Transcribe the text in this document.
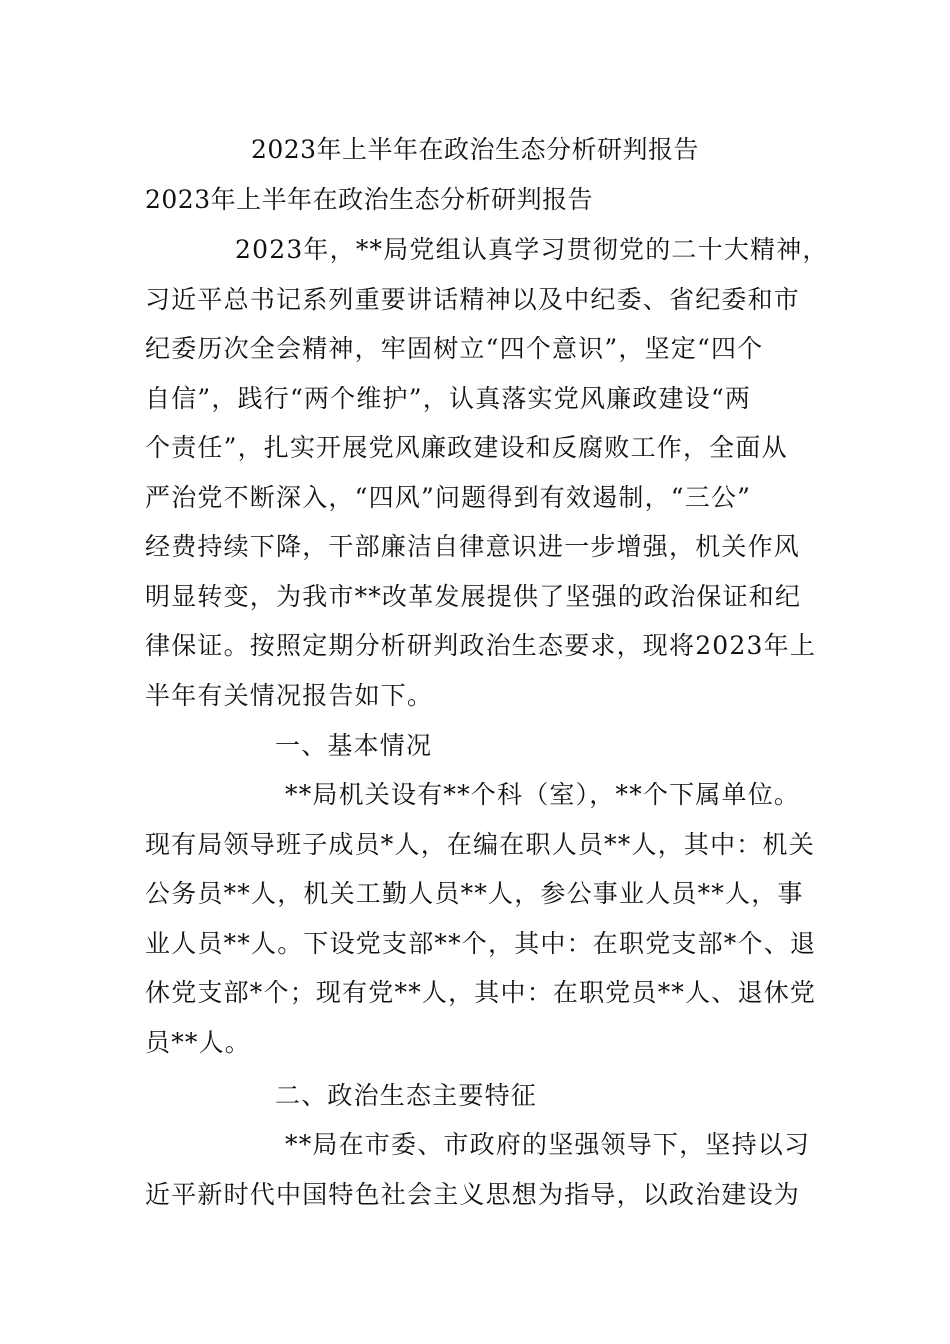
2023年上半年在政治生态分析研判报告
2023年上半年在政治生态分析研判报告
2023年，**局党组认真学习贯彻党的二十大精神，
习近平总书记系列重要讲话精神以及中纪委、省纪委和市
纪委历次全会精神，牢固树立“四个意识”，坚定“四个
自信”，践行“两个维护”，认真落实党风廉政建设“两
个责任”，扎实开展党风廉政建设和反腐败工作，全面从
严治党不断深入，“四风”问题得到有效遏制，“三公”
经费持续下降，干部廉洁自律意识进一步增强，机关作风
明显转变，为我市**改革发展提供了坚强的政治保证和纪
律保证。按照定期分析研判政治生态要求，现将2023年上
半年有关情况报告如下。
一、基本情况
**局机关设有**个科（室），**个下属单位。
现有局领导班子成员*人，在编在职人员**人，其中：机关
公务员**人，机关工勤人员**人，参公事业人员**人，事
业人员**人。下设党支部**个，其中：在职党支部*个、退
休党支部*个；现有党**人，其中：在职党员**人、退休党
员**人。
二、政治生态主要特征
**局在市委、市政府的坚强领导下，坚持以习
近平新时代中国特色社会主义思想为指导，以政治建设为
